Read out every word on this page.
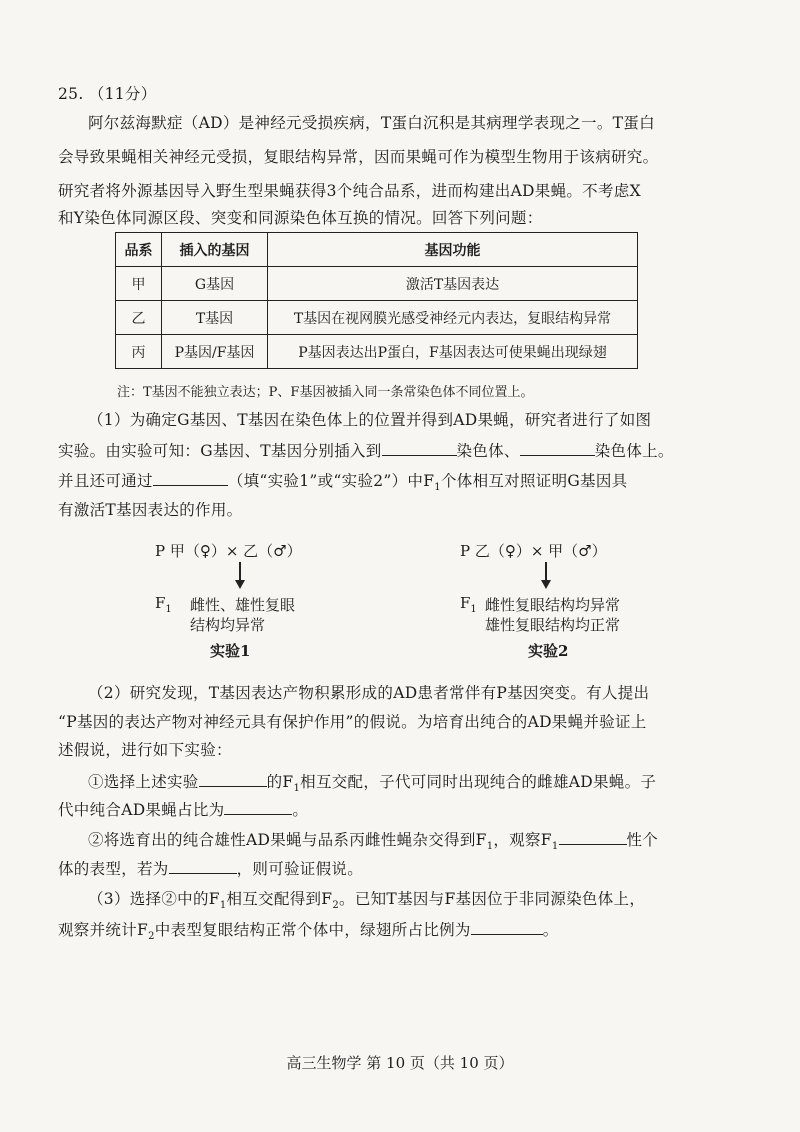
25. （11分）
阿尔兹海默症（AD）是神经元受损疾病，T蛋白沉积是其病理学表现之一。T蛋白
会导致果蝇相关神经元受损，复眼结构异常，因而果蝇可作为模型生物用于该病研究。
研究者将外源基因导入野生型果蝇获得3个纯合品系，进而构建出AD果蝇。不考虑X
和Y染色体同源区段、突变和同源染色体互换的情况。回答下列问题：
品系	插入的基因	基因功能
甲	G基因	激活T基因表达
乙	T基因	T基因在视网膜光感受神经元内表达，复眼结构异常
丙	P基因/F基因	P基因表达出P蛋白，F基因表达可使果蝇出现绿翅
注：T基因不能独立表达；P、F基因被插入同一条常染色体不同位置上。
（1）为确定G基因、T基因在染色体上的位置并得到AD果蝇，研究者进行了如图
实验。由实验可知：G基因、T基因分别插入到	染色体、	染色体上。
并且还可通过	（填“实验1”或“实验2”）中$F_1$个体相互对照证明G基因具
有激活T基因表达的作用。
P 甲（♀）× 乙（♂）
$F_1$ 雌性、雄性复眼
结构均异常
实验1
P 乙（♀）× 甲（♂）
$F_1$ 雌性复眼结构均异常
雄性复眼结构均正常
实验2
（2）研究发现，T基因表达产物积累形成的AD患者常伴有P基因突变。有人提出
“P基因的表达产物对神经元具有保护作用”的假说。为培育出纯合的AD果蝇并验证上
述假说，进行如下实验：
①选择上述实验	的$F_1$相互交配，子代可同时出现纯合的雌雄AD果蝇。子
代中纯合AD果蝇占比为	。
②将选育出的纯合雄性AD果蝇与品系丙雌性蝇杂交得到$F_1$，观察$F_1$	性个
体的表型，若为	，则可验证假说。
（3）选择②中的$F_1$相互交配得到$F_2$。已知T基因与F基因位于非同源染色体上，
观察并统计$F_2$中表型复眼结构正常个体中，绿翅所占比例为	。
高三生物学 第 10 页（共 10 页）
